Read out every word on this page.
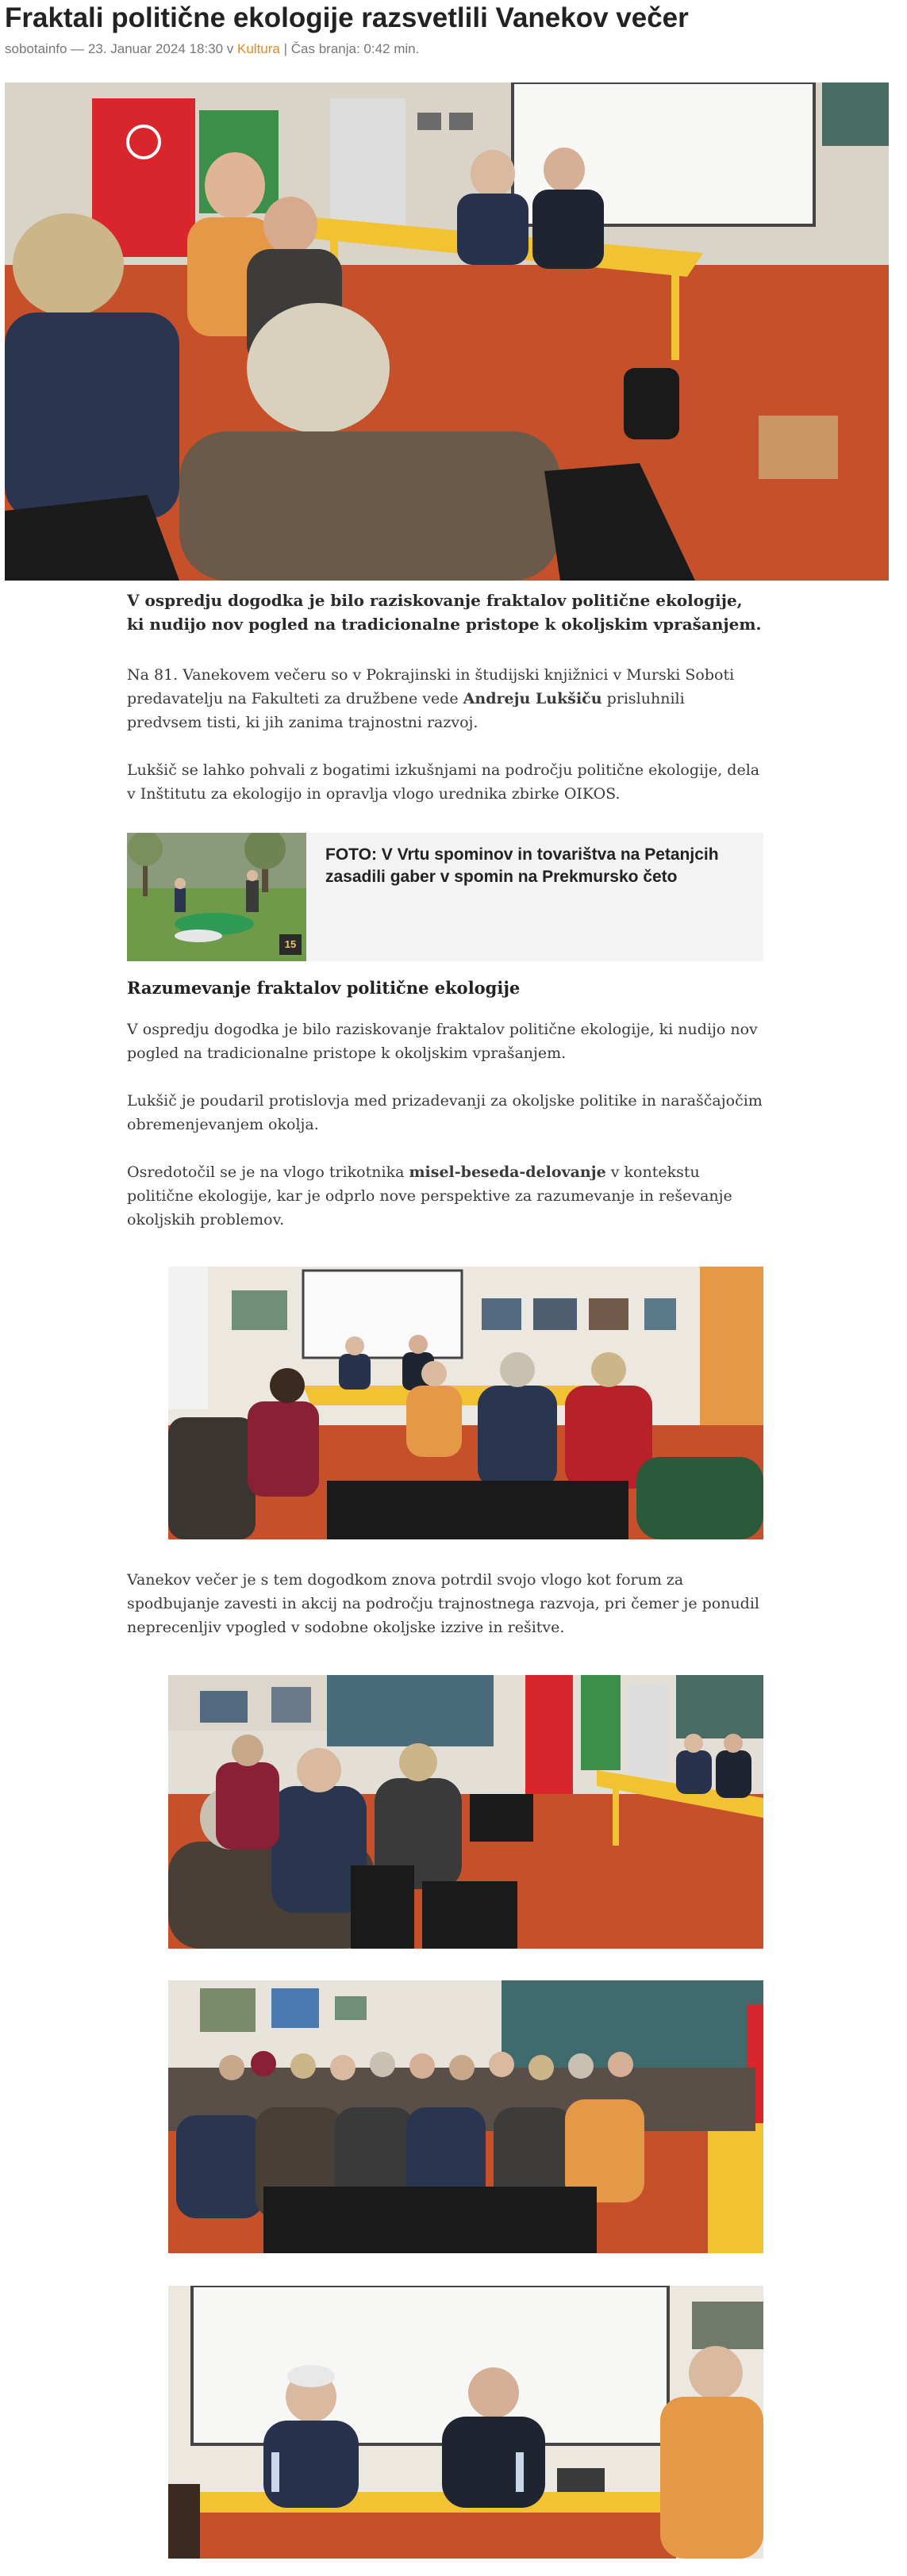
Fraktali politične ekologije razsvetlili Vanekov večer
sobotainfo — 23. Januar 2024 18:30 v Kultura | Čas branja: 0:42 min.

V ospredju dogodka je bilo raziskovanje fraktalov politične ekologije, ki nudijo nov pogled na tradicionalne pristope k okoljskim vprašanjem.

Na 81. Vanekovem večeru so v Pokrajinski in študijski knjižnici v Murski Soboti predavatelju na Fakulteti za družbene vede Andreju Lukšiču prisluhnili predvsem tisti, ki jih zanima trajnostni razvoj.

Lukšič se lahko pohvali z bogatimi izkušnjami na področju politične ekologije, dela v Inštitutu za ekologijo in opravlja vlogo urednika zbirke OIKOS.

15
FOTO: V Vrtu spominov in tovarištva na Petanjcih zasadili gaber v spomin na Prekmursko četo
Razumevanje fraktalov politične ekologije

V ospredju dogodka je bilo raziskovanje fraktalov politične ekologije, ki nudijo nov pogled na tradicionalne pristope k okoljskim vprašanjem.

Lukšič je poudaril protislovja med prizadevanji za okoljske politike in naraščajočim obremenjevanjem okolja.

Osredotočil se je na vlogo trikotnika misel-beseda-delovanje v kontekstu politične ekologije, kar je odprlo nove perspektive za razumevanje in reševanje okoljskih problemov.

Vanekov večer je s tem dogodkom znova potrdil svojo vlogo kot forum za spodbujanje zavesti in akcij na področju trajnostnega razvoja, pri čemer je ponudil neprecenljiv vpogled v sodobne okoljske izzive in rešitve.
